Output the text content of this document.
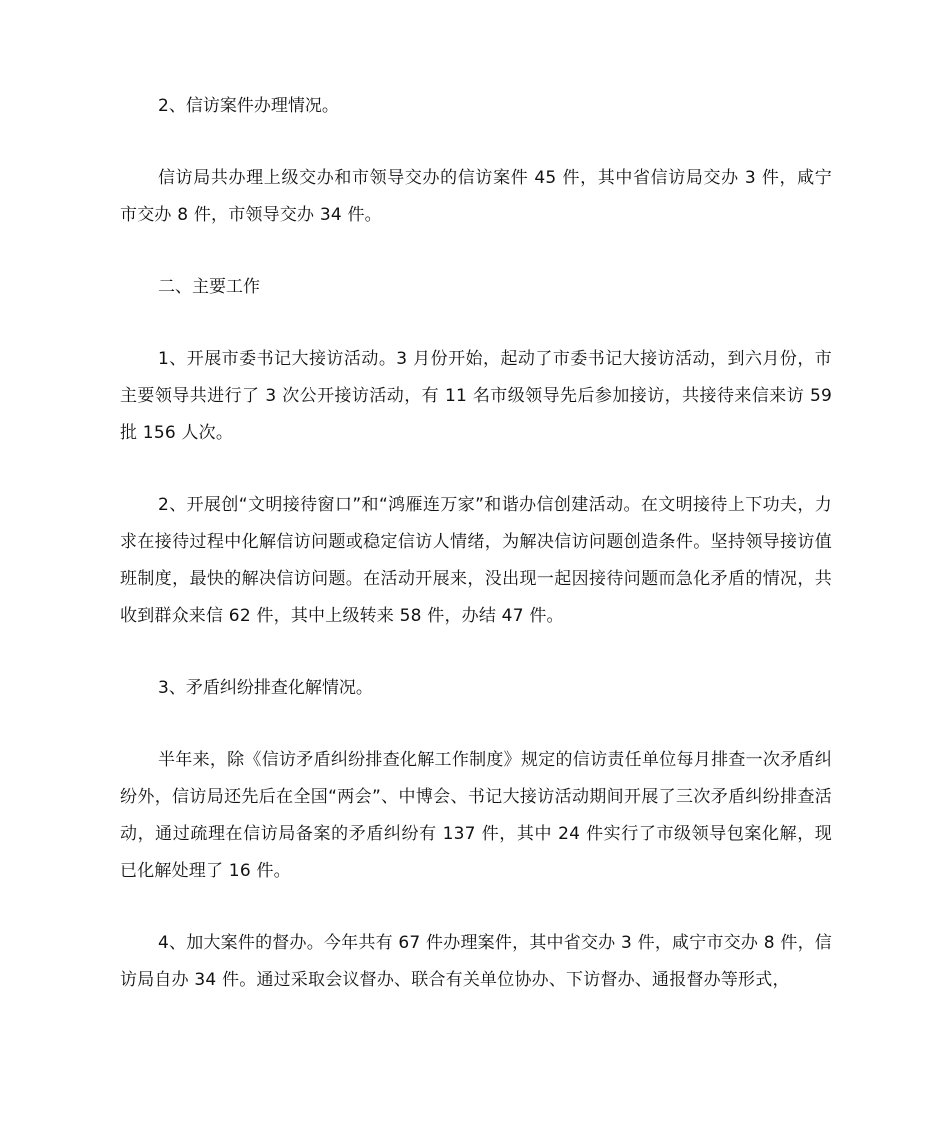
2、信访案件办理情况。

信访局共办理上级交办和市领导交办的信访案件 45 件，其中省信访局交办 3 件，咸宁市交办 8 件，市领导交办 34 件。

二、主要工作

1、开展市委书记大接访活动。3 月份开始，起动了市委书记大接访活动，到六月份，市主要领导共进行了 3 次公开接访活动，有 11 名市级领导先后参加接访，共接待来信来访 59 批 156 人次。

2、开展创“文明接待窗口”和“鸿雁连万家”和谐办信创建活动。在文明接待上下功夫，力求在接待过程中化解信访问题或稳定信访人情绪，为解决信访问题创造条件。坚持领导接访值班制度，最快的解决信访问题。在活动开展来，没出现一起因接待问题而急化矛盾的情况，共收到群众来信 62 件，其中上级转来 58 件，办结 47 件。

3、矛盾纠纷排查化解情况。

半年来，除《信访矛盾纠纷排查化解工作制度》规定的信访责任单位每月排查一次矛盾纠纷外，信访局还先后在全国“两会”、中博会、书记大接访活动期间开展了三次矛盾纠纷排查活动，通过疏理在信访局备案的矛盾纠纷有 137 件，其中 24 件实行了市级领导包案化解，现已化解处理了 16 件。

4、加大案件的督办。今年共有 67 件办理案件，其中省交办 3 件，咸宁市交办 8 件，信访局自办 34 件。通过采取会议督办、联合有关单位协办、下访督办、通报督办等形式，
